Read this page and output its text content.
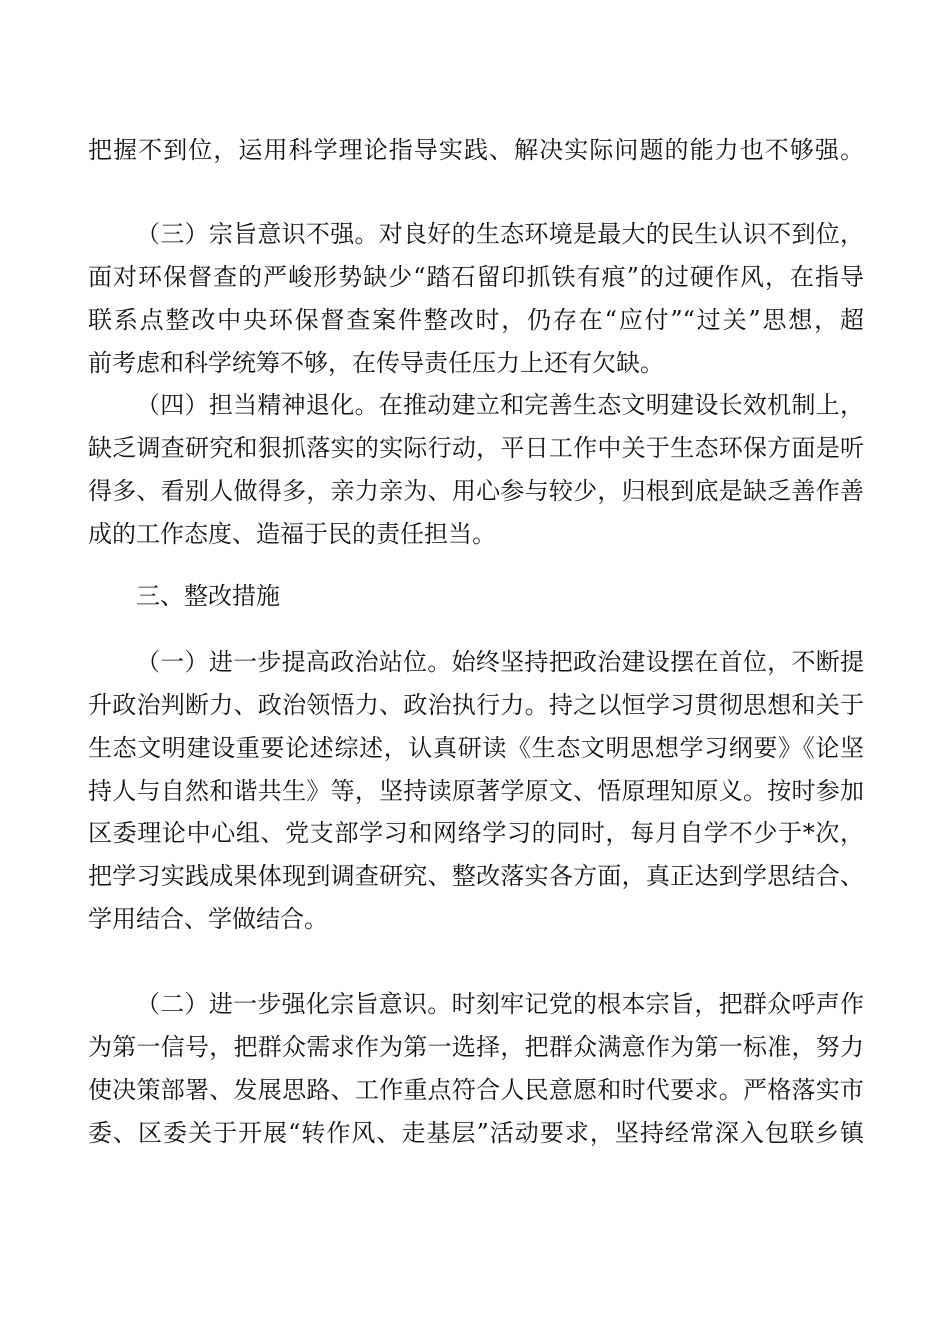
把握不到位，运用科学理论指导实践、解决实际问题的能力也不够强。
（三）宗旨意识不强。对良好的生态环境是最大的民生认识不到位，
面对环保督查的严峻形势缺少“踏石留印抓铁有痕”的过硬作风，在指导
联系点整改中央环保督查案件整改时，仍存在“应付”“过关”思想，超
前考虑和科学统筹不够，在传导责任压力上还有欠缺。
（四）担当精神退化。在推动建立和完善生态文明建设长效机制上，
缺乏调查研究和狠抓落实的实际行动，平日工作中关于生态环保方面是听
得多、看别人做得多，亲力亲为、用心参与较少，归根到底是缺乏善作善
成的工作态度、造福于民的责任担当。
三、整改措施
（一）进一步提高政治站位。始终坚持把政治建设摆在首位，不断提
升政治判断力、政治领悟力、政治执行力。持之以恒学习贯彻思想和关于
生态文明建设重要论述综述，认真研读《生态文明思想学习纲要》《论坚
持人与自然和谐共生》等，坚持读原著学原文、悟原理知原义。按时参加
区委理论中心组、党支部学习和网络学习的同时，每月自学不少于*次，
把学习实践成果体现到调查研究、整改落实各方面，真正达到学思结合、
学用结合、学做结合。
（二）进一步强化宗旨意识。时刻牢记党的根本宗旨，把群众呼声作
为第一信号，把群众需求作为第一选择，把群众满意作为第一标准，努力
使决策部署、发展思路、工作重点符合人民意愿和时代要求。严格落实市
委、区委关于开展“转作风、走基层”活动要求，坚持经常深入包联乡镇
